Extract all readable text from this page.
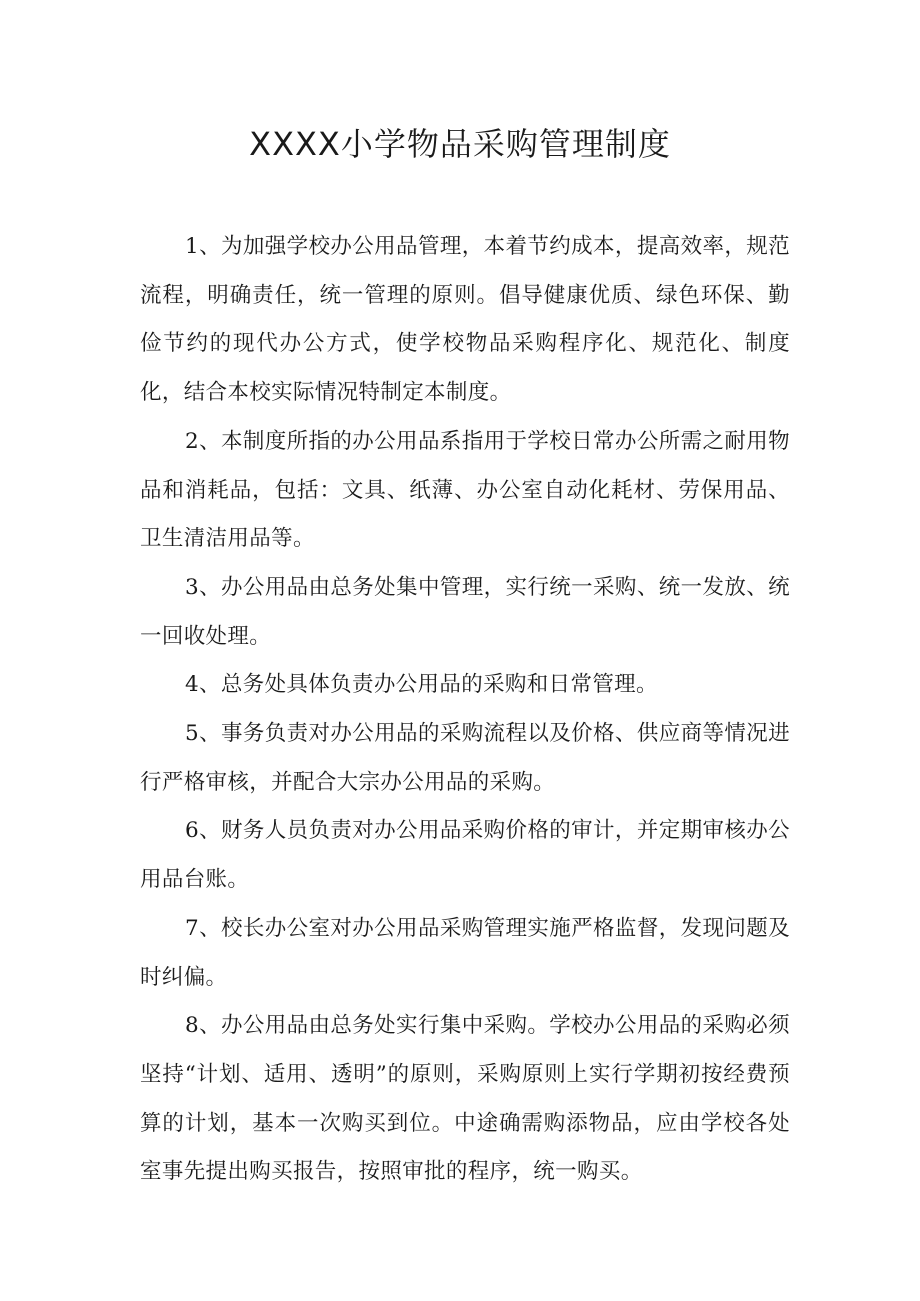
XXXX小学物品采购管理制度

1、为加强学校办公用品管理，本着节约成本，提高效率，规范流程，明确责任，统一管理的原则。倡导健康优质、绿色环保、勤俭节约的现代办公方式，使学校物品采购程序化、规范化、制度化，结合本校实际情况特制定本制度。

2、本制度所指的办公用品系指用于学校日常办公所需之耐用物品和消耗品，包括：文具、纸薄、办公室自动化耗材、劳保用品、卫生清洁用品等。

3、办公用品由总务处集中管理，实行统一采购、统一发放、统一回收处理。

4、总务处具体负责办公用品的采购和日常管理。

5、事务负责对办公用品的采购流程以及价格、供应商等情况进行严格审核，并配合大宗办公用品的采购。

6、财务人员负责对办公用品采购价格的审计，并定期审核办公用品台账。

7、校长办公室对办公用品采购管理实施严格监督，发现问题及时纠偏。

8、办公用品由总务处实行集中采购。学校办公用品的采购必须坚持“计划、适用、透明”的原则，采购原则上实行学期初按经费预算的计划，基本一次购买到位。中途确需购添物品，应由学校各处室事先提出购买报告，按照审批的程序，统一购买。
